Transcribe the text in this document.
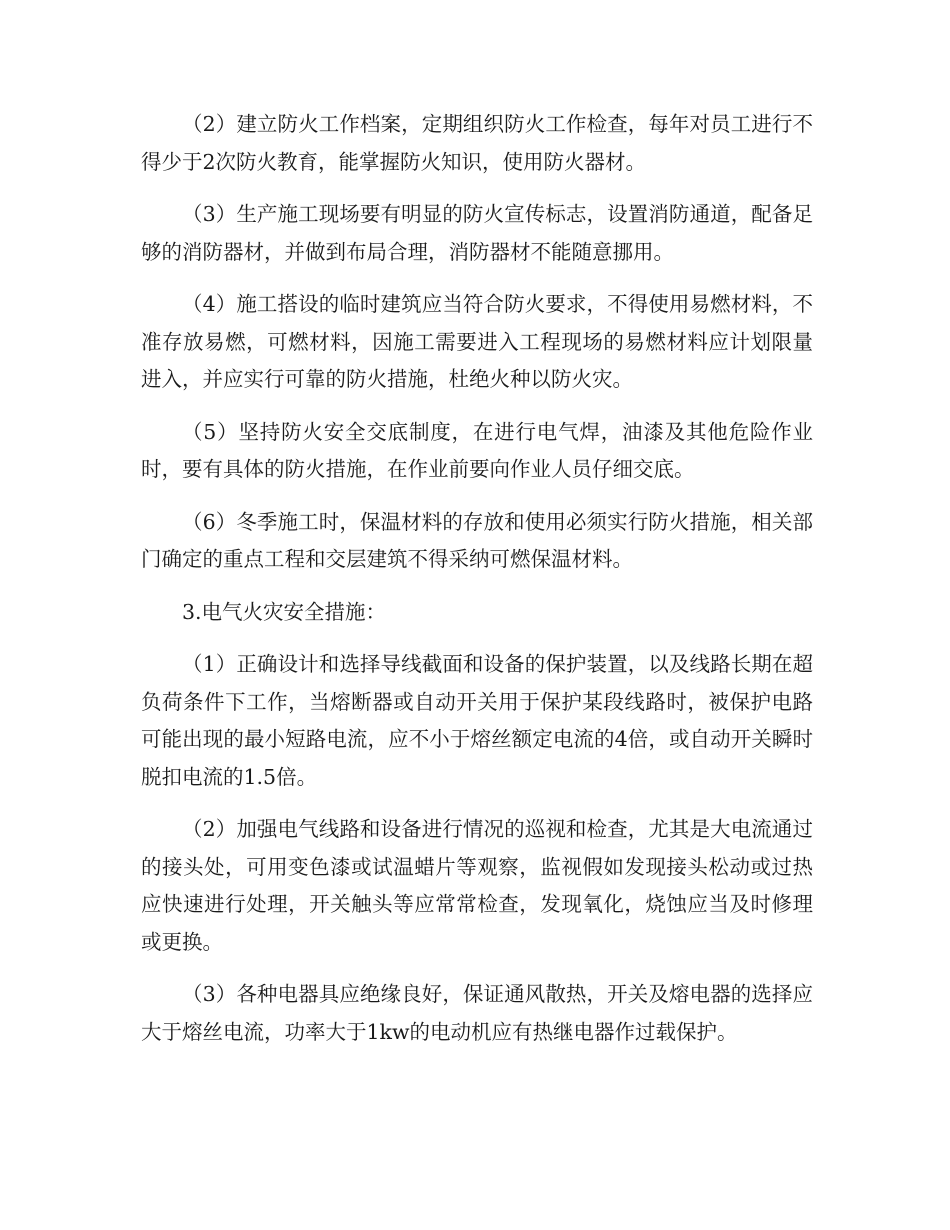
（2）建立防火工作档案，定期组织防火工作检查，每年对员工进行不得少于2次防火教育，能掌握防火知识，使用防火器材。

（3）生产施工现场要有明显的防火宣传标志，设置消防通道，配备足够的消防器材，并做到布局合理，消防器材不能随意挪用。

（4）施工搭设的临时建筑应当符合防火要求，不得使用易燃材料，不准存放易燃，可燃材料，因施工需要进入工程现场的易燃材料应计划限量进入，并应实行可靠的防火措施，杜绝火种以防火灾。

（5）坚持防火安全交底制度，在进行电气焊，油漆及其他危险作业时，要有具体的防火措施，在作业前要向作业人员仔细交底。

（6）冬季施工时，保温材料的存放和使用必须实行防火措施，相关部门确定的重点工程和交层建筑不得采纳可燃保温材料。

3.电气火灾安全措施：

（1）正确设计和选择导线截面和设备的保护装置，以及线路长期在超负荷条件下工作，当熔断器或自动开关用于保护某段线路时，被保护电路可能出现的最小短路电流，应不小于熔丝额定电流的4倍，或自动开关瞬时脱扣电流的1.5倍。

（2）加强电气线路和设备进行情况的巡视和检查，尤其是大电流通过的接头处，可用变色漆或试温蜡片等观察，监视假如发现接头松动或过热应快速进行处理，开关触头等应常常检查，发现氧化，烧蚀应当及时修理或更换。

（3）各种电器具应绝缘良好，保证通风散热，开关及熔电器的选择应大于熔丝电流，功率大于1kw的电动机应有热继电器作过载保护。
